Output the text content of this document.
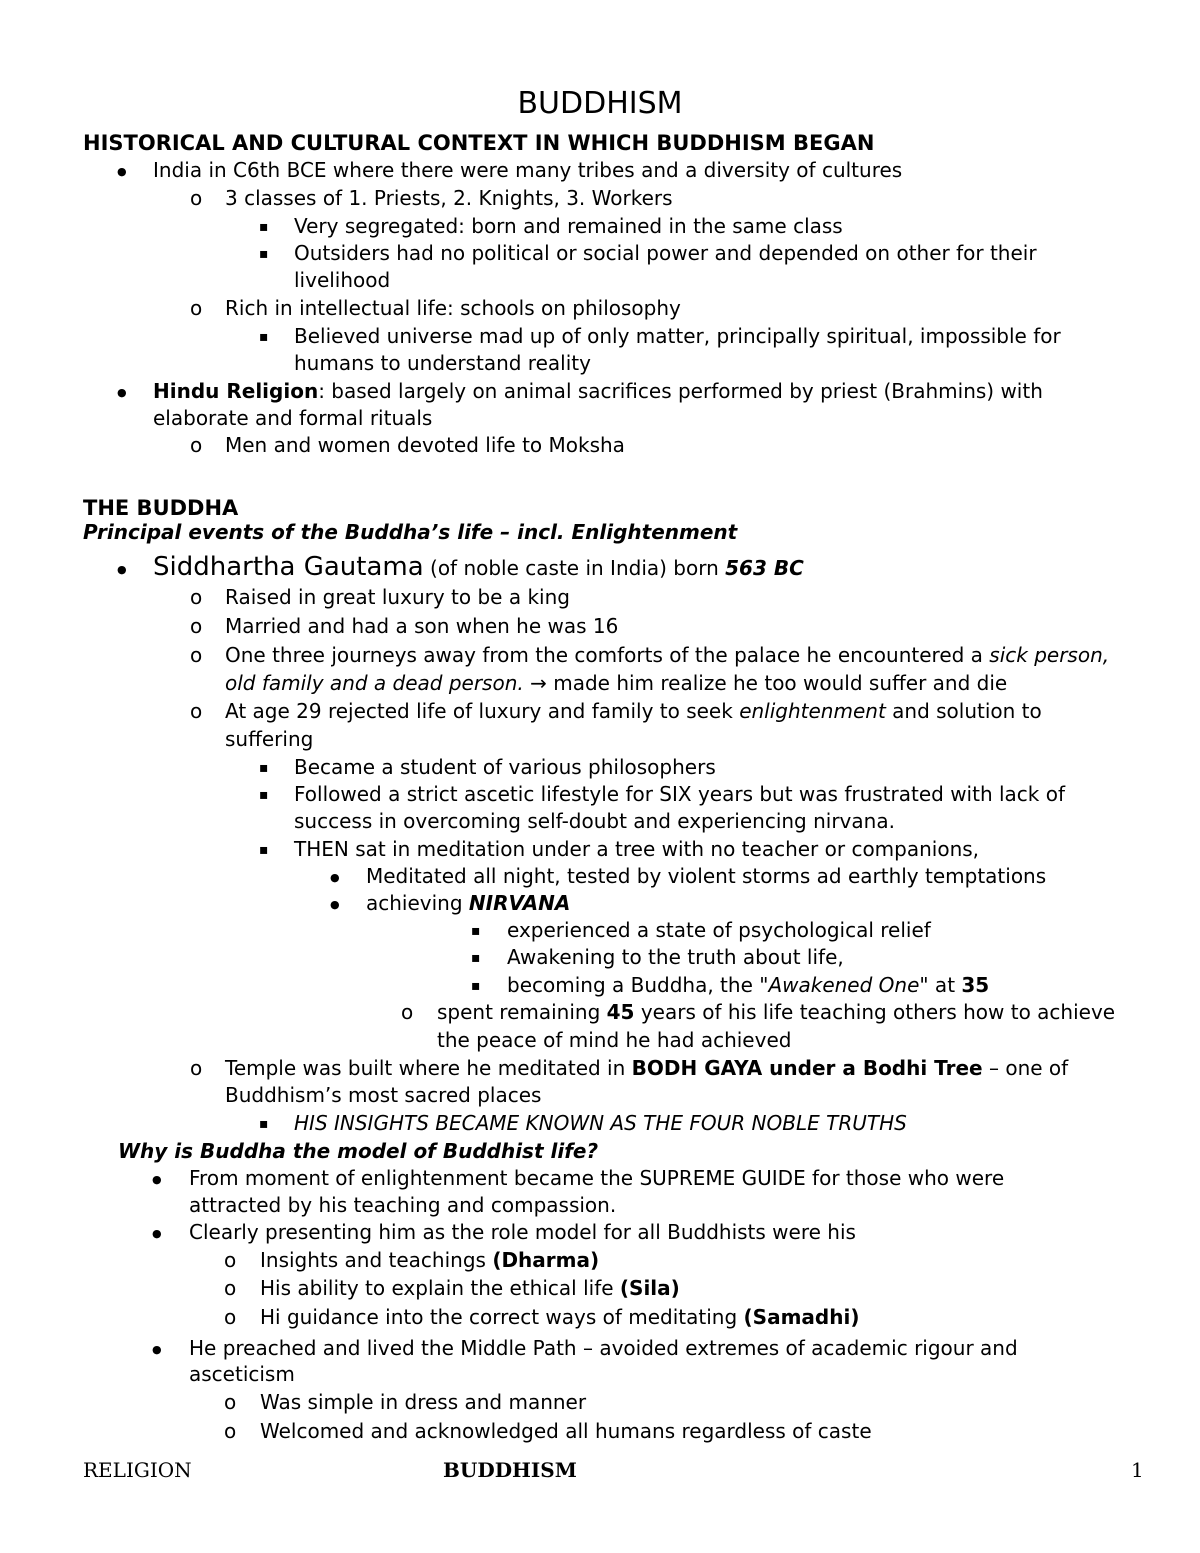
BUDDHISM
HISTORICAL AND CULTURAL CONTEXT IN WHICH BUDDHISM BEGAN
●
India in C6th BCE where there were many tribes and a diversity of cultures
o
3 classes of 1. Priests, 2. Knights, 3. Workers
▪
Very segregated: born and remained in the same class
▪
Outsiders had no political or social power and depended on other for their
livelihood
o
Rich in intellectual life: schools on philosophy
▪
Believed universe mad up of only matter, principally spiritual, impossible for
humans to understand reality
●
Hindu Religion: based largely on animal sacrifices performed by priest (Brahmins) with
elaborate and formal rituals
o
Men and women devoted life to Moksha
THE BUDDHA
Principal events of the Buddha’s life – incl. Enlightenment
●
Siddhartha Gautama (of noble caste in India) born 563 BC
o
Raised in great luxury to be a king
o
Married and had a son when he was 16
o
One three journeys away from the comforts of the palace he encountered a sick person,
old family and a dead person. → made him realize he too would suffer and die
o
At age 29 rejected life of luxury and family to seek enlightenment and solution to
suffering
▪
Became a student of various philosophers
▪
Followed a strict ascetic lifestyle for SIX years but was frustrated with lack of
success in overcoming self-doubt and experiencing nirvana.
▪
THEN sat in meditation under a tree with no teacher or companions,
●
Meditated all night, tested by violent storms ad earthly temptations
●
achieving NIRVANA
▪
experienced a state of psychological relief
▪
Awakening to the truth about life,
▪
becoming a Buddha, the "Awakened One" at 35
o
spent remaining 45 years of his life teaching others how to achieve
the peace of mind he had achieved
o
Temple was built where he meditated in BODH GAYA under a Bodhi Tree – one of
Buddhism’s most sacred places
▪
HIS INSIGHTS BECAME KNOWN AS THE FOUR NOBLE TRUTHS
Why is Buddha the model of Buddhist life?
●
From moment of enlightenment became the SUPREME GUIDE for those who were
attracted by his teaching and compassion.
●
Clearly presenting him as the role model for all Buddhists were his
o
Insights and teachings (Dharma)
o
His ability to explain the ethical life (Sila)
o
Hi guidance into the correct ways of meditating (Samadhi)
●
He preached and lived the Middle Path – avoided extremes of academic rigour and
asceticism
o
Was simple in dress and manner
o
Welcomed and acknowledged all humans regardless of caste
RELIGION	BUDDHISM	1
